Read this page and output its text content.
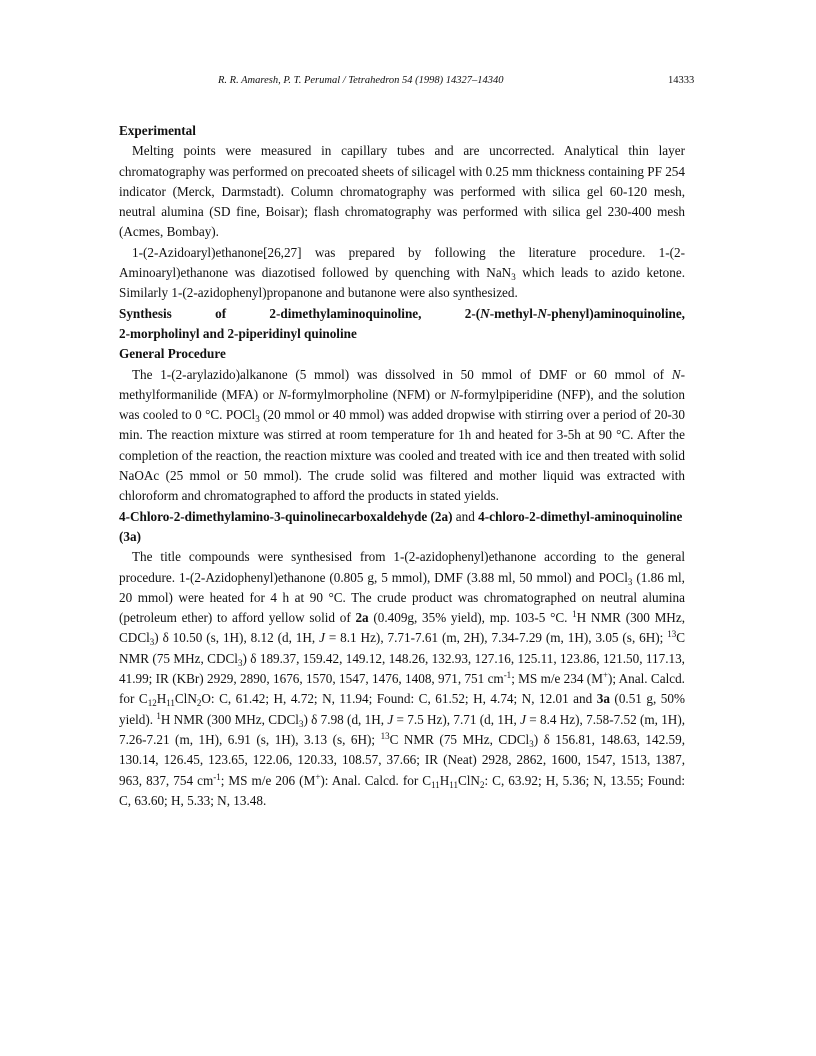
R. R. Amaresh, P. T. Perumal / Tetrahedron 54 (1998) 14327–14340	14333

Experimental

Melting points were measured in capillary tubes and are uncorrected. Analytical thin layer chromatography was performed on precoated sheets of silicagel with 0.25 mm thickness containing PF 254 indicator (Merck, Darmstadt). Column chromatography was performed with silica gel 60-120 mesh, neutral alumina (SD fine, Boisar); flash chromatography was performed with silica gel 230-400 mesh (Acmes, Bombay).

1-(2-Azidoaryl)ethanone[26,27] was prepared by following the literature procedure. 1-(2-Aminoaryl)ethanone was diazotised followed by quenching with NaN$_3$ which leads to azido ketone. Similarly 1-(2-azidophenyl)propanone and butanone were also synthesized.

Synthesis	of	2-dimethylaminoquinoline,	2-(N-methyl-N-phenyl)aminoquinoline,

2-morpholinyl and 2-piperidinyl quinoline

General Procedure

The 1-(2-arylazido)alkanone (5 mmol) was dissolved in 50 mmol of DMF or 60 mmol of N-methylformanilide (MFA) or N-formylmorpholine (NFM) or N-formylpiperidine (NFP), and the solution was cooled to 0 °C. POCl$_3$ (20 mmol or 40 mmol) was added dropwise with stirring over a period of 20-30 min. The reaction mixture was stirred at room temperature for 1h and heated for 3-5h at 90 °C. After the completion of the reaction, the reaction mixture was cooled and treated with ice and then treated with solid NaOAc (25 mmol or 50 mmol). The crude solid was filtered and mother liquid was extracted with chloroform and chromatographed to afford the products in stated yields.

4-Chloro-2-dimethylamino-3-quinolinecarboxaldehyde (2a) and 4-chloro-2-dimethyl-aminoquinoline (3a)

The title compounds were synthesised from 1-(2-azidophenyl)ethanone according to the general procedure. 1-(2-Azidophenyl)ethanone (0.805 g, 5 mmol), DMF (3.88 ml, 50 mmol) and POCl$_3$ (1.86 ml, 20 mmol) were heated for 4 h at 90 °C. The crude product was chromatographed on neutral alumina (petroleum ether) to afford yellow solid of 2a (0.409g, 35% yield), mp. 103-5 °C. $^1$H NMR (300 MHz, CDCl$_3$) δ 10.50 (s, 1H), 8.12 (d, 1H, J = 8.1 Hz), 7.71-7.61 (m, 2H), 7.34-7.29 (m, 1H), 3.05 (s, 6H); $^{13}$C NMR (75 MHz, CDCl$_3$) δ 189.37, 159.42, 149.12, 148.26, 132.93, 127.16, 125.11, 123.86, 121.50, 117.13, 41.99; IR (KBr) 2929, 2890, 1676, 1570, 1547, 1476, 1408, 971, 751 $cm^{-1}$; MS m/e 234 (M+); Anal. Calcd. for $C_{12}H_{11}ClN_2O$: C, 61.42; H, 4.72; N, 11.94; Found: C, 61.52; H, 4.74; N, 12.01 and 3a (0.51 g, 50% yield). $^1$H NMR (300 MHz, CDCl$_3$) δ 7.98 (d, 1H, J = 7.5 Hz), 7.71 (d, 1H, J = 8.4 Hz), 7.58-7.52 (m, 1H), 7.26-7.21 (m, 1H), 6.91 (s, 1H), 3.13 (s, 6H); $^{13}$C NMR (75 MHz, CDCl$_3$) δ 156.81, 148.63, 142.59, 130.14, 126.45, 123.65, 122.06, 120.33, 108.57, 37.66; IR (Neat) 2928, 2862, 1600, 1547, 1513, 1387, 963, 837, 754 $cm^{-1}$; MS m/e 206 (M+): Anal. Calcd. for $C_{11}H_{11}ClN_2$: C, 63.92; H, 5.36; N, 13.55; Found: C, 63.60; H, 5.33; N, 13.48.
